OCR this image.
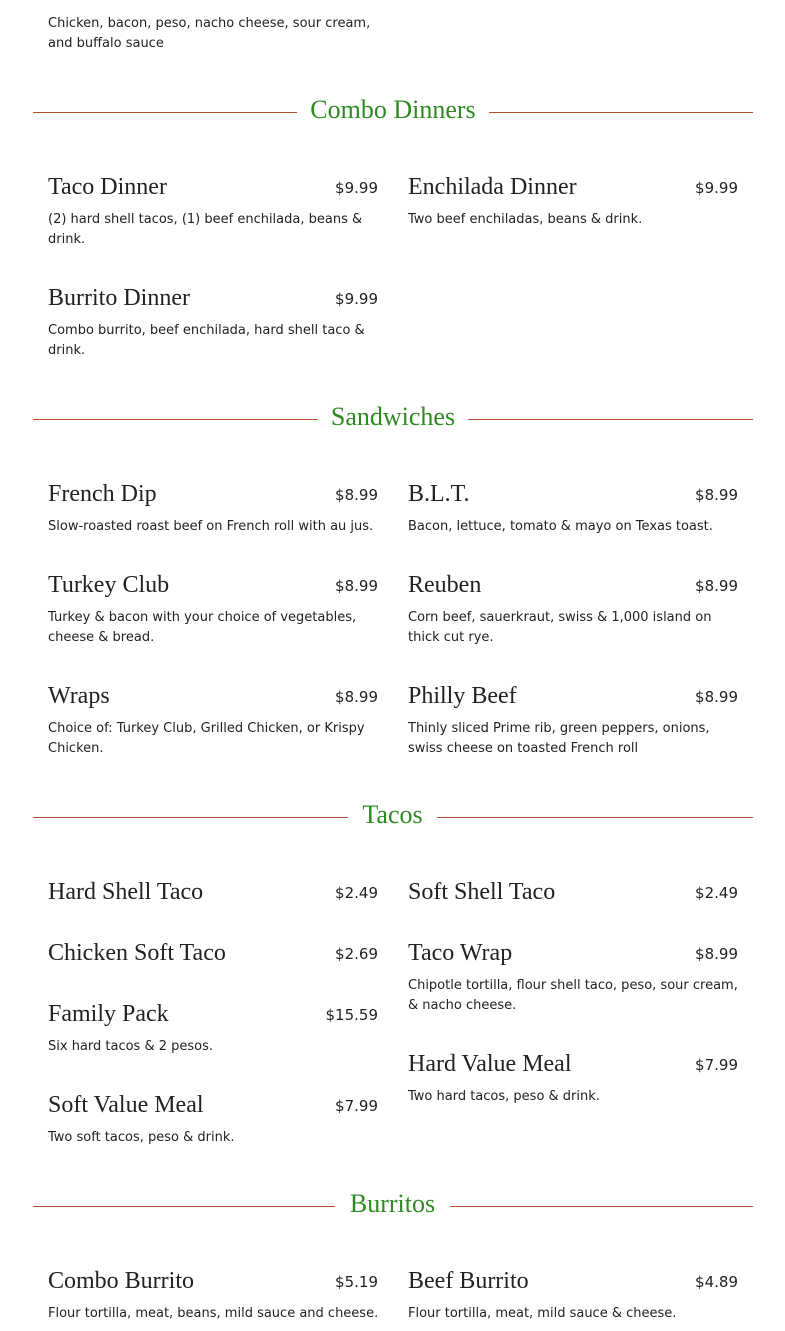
Chicken, bacon, peso, nacho cheese, sour cream, and buffalo sauce
Combo Dinners
Taco Dinner	$9.99
(2) hard shell tacos, (1) beef enchilada, beans & drink.
Enchilada Dinner	$9.99
Two beef enchiladas, beans & drink.
Burrito Dinner	$9.99
Combo burrito, beef enchilada, hard shell taco & drink.
Sandwiches
French Dip	$8.99
Slow-roasted roast beef on French roll with au jus.
B.L.T.	$8.99
Bacon, lettuce, tomato & mayo on Texas toast.
Turkey Club	$8.99
Turkey & bacon with your choice of vegetables, cheese & bread.
Reuben	$8.99
Corn beef, sauerkraut, swiss & 1,000 island on thick cut rye.
Wraps	$8.99
Choice of: Turkey Club, Grilled Chicken, or Krispy Chicken.
Philly Beef	$8.99
Thinly sliced Prime rib, green peppers, onions, swiss cheese on toasted French roll
Tacos
Hard Shell Taco	$2.49 Soft Shell Taco	$2.49
Chicken Soft Taco	$2.69 Taco Wrap	$8.99
Chipotle tortilla, flour shell taco, peso, sour cream, & nacho cheese.
Family Pack	$15.59
Six hard tacos & 2 pesos.
Hard Value Meal	$7.99
Two hard tacos, peso & drink.
Soft Value Meal	$7.99
Two soft tacos, peso & drink.
Burritos
Combo Burrito	$5.19
Flour tortilla, meat, beans, mild sauce and cheese.
Beef Burrito	$4.89
Flour tortilla, meat, mild sauce & cheese.
